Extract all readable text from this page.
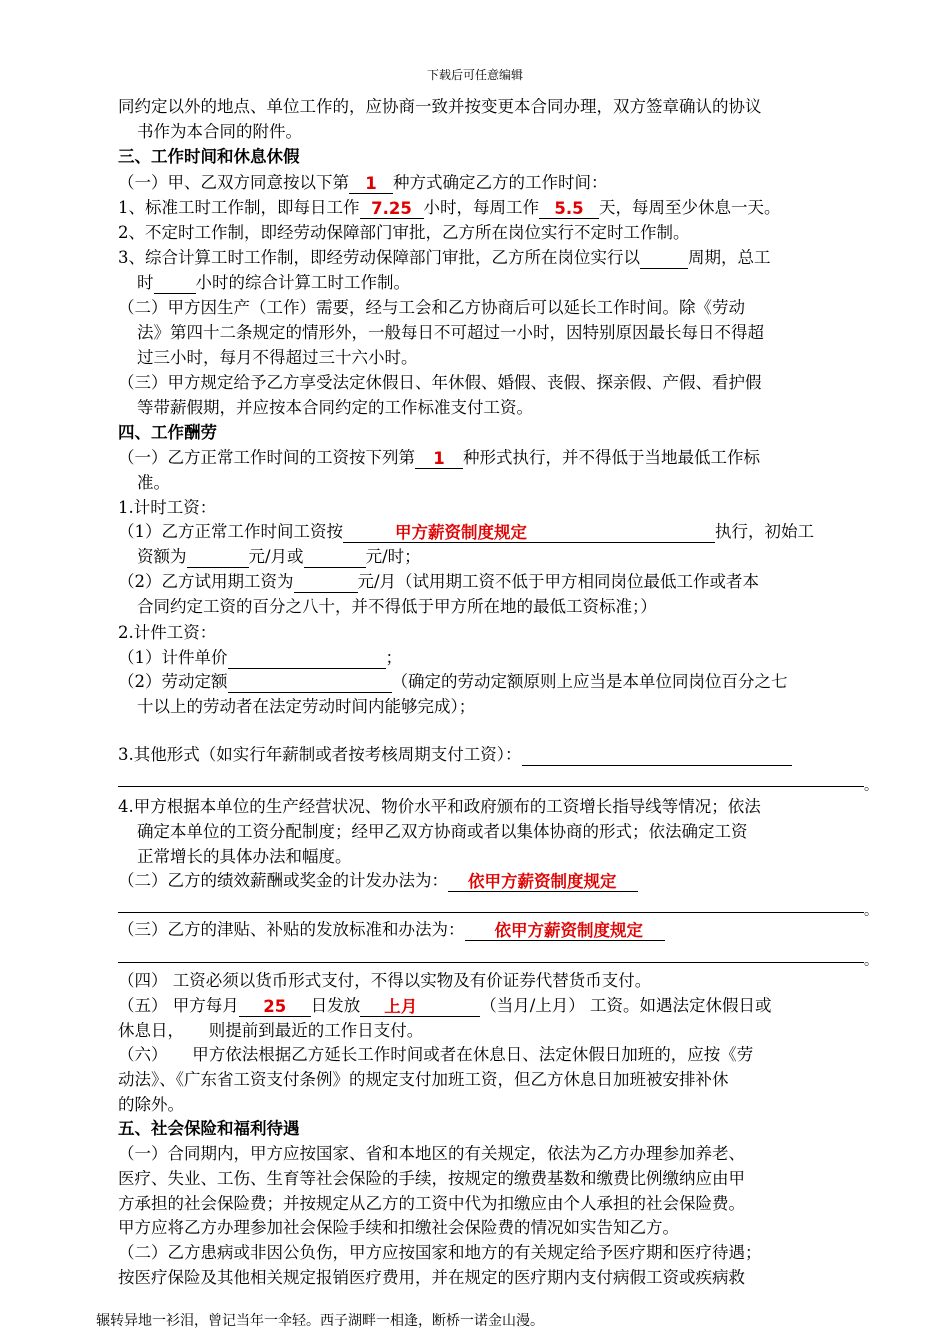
下载后可任意编辑
同约定以外的地点、单位工作的，应协商一致并按变更本合同办理，双方签章确认的协议
书作为本合同的附件。
三、工作时间和休息休假
（一）甲、乙双方同意按以下第 1 种方式确定乙方的工作时间：
1、标准工时工作制，即每日工作 7.25 小时，每周工作 5.5 天，每周至少休息一天。
2、不定时工作制，即经劳动保障部门审批，乙方所在岗位实行不定时工作制。
3、综合计算工时工作制，即经劳动保障部门审批，乙方所在岗位实行以	周期，总工
时	小时的综合计算工时工作制。
（二）甲方因生产（工作）需要，经与工会和乙方协商后可以延长工作时间。除《劳动
法》第四十二条规定的情形外，一般每日不可超过一小时，因特别原因最长每日不得超
过三小时，每月不得超过三十六小时。
（三）甲方规定给予乙方享受法定休假日、年休假、婚假、丧假、探亲假、产假、看护假
等带薪假期，并应按本合同约定的工作标准支付工资。
四、工作酬劳
（一）乙方正常工作时间的工资按下列第 1 种形式执行，并不得低于当地最低工作标
准。
1.计时工资：
（1）乙方正常工作时间工资按	甲方薪资制度规定	执行，初始工
资额为	元/月或	元/时；
（2）乙方试用期工资为	元/月（试用期工资不低于甲方相同岗位最低工作或者本
合同约定工资的百分之八十，并不得低于甲方所在地的最低工资标准；）
2.计件工资：
（1）计件单价	；
（2）劳动定额	（确定的劳动定额原则上应当是本单位同岗位百分之七
十以上的劳动者在法定劳动时间内能够完成）；
3.其他形式（如实行年薪制或者按考核周期支付工资）：
。
4.甲方根据本单位的生产经营状况、物价水平和政府颁布的工资增长指导线等情况；依法
确定本单位的工资分配制度；经甲乙双方协商或者以集体协商的形式；依法确定工资
正常增长的具体办法和幅度。
（二）乙方的绩效薪酬或奖金的计发办法为： 依甲方薪资制度规定
。
（三）乙方的津贴、补贴的发放标准和办法为： 依甲方薪资制度规定
。
（四） 工资必须以货币形式支付，不得以实物及有价证券代替货币支付。
（五） 甲方每月 25 日发放 上月	（当月/上月） 工资。如遇法定休假日或
休息日，　　则提前到最近的工作日支付。
（六）　　甲方依法根据乙方延长工作时间或者在休息日、法定休假日加班的，应按《劳
动法》、《广东省工资支付条例》的规定支付加班工资，但乙方休息日加班被安排补休
的除外。
五、社会保险和福利待遇
（一）合同期内，甲方应按国家、省和本地区的有关规定，依法为乙方办理参加养老、
医疗、失业、工伤、生育等社会保险的手续，按规定的缴费基数和缴费比例缴纳应由甲
方承担的社会保险费；并按规定从乙方的工资中代为扣缴应由个人承担的社会保险费。
甲方应将乙方办理参加社会保险手续和扣缴社会保险费的情况如实告知乙方。
（二）乙方患病或非因公负伤，甲方应按国家和地方的有关规定给予医疗期和医疗待遇；
按医疗保险及其他相关规定报销医疗费用，并在规定的医疗期内支付病假工资或疾病救
辗转异地一衫泪，曾记当年一伞轻。西子湖畔一相逢，断桥一诺金山漫。
